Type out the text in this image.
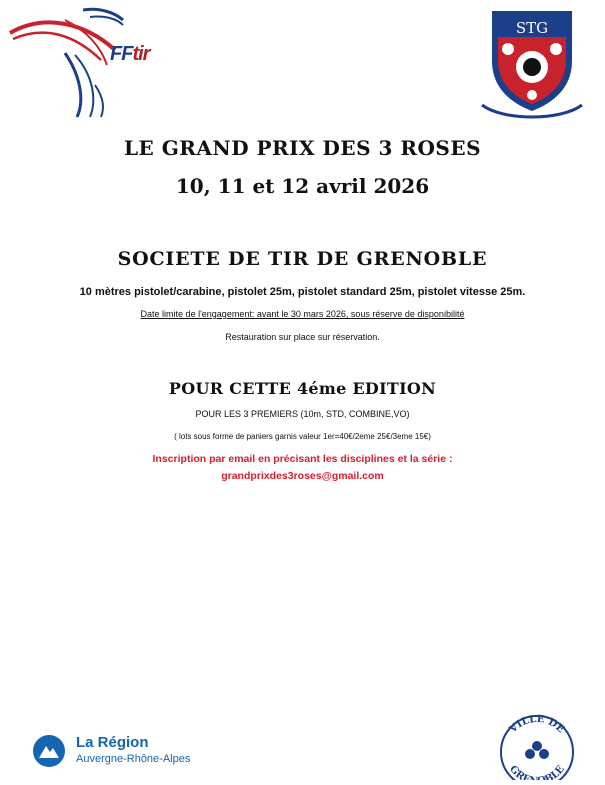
FFtir
STG
LE GRAND PRIX DES 3 ROSES
10, 11 et 12 avril 2026
SOCIETE DE TIR DE GRENOBLE
10 mètres pistolet/carabine, pistolet 25m, pistolet standard 25m, pistolet vitesse 25m.
Date limite de l'engagement: avant le 30 mars 2026, sous réserve de disponibilité
Restauration sur place sur réservation.
POUR CETTE 4éme EDITION
POUR LES 3 PREMIERS (10m, STD, COMBINE,VO)
( lots sous forme de paniers garnis valeur 1er=40€/2eme 25€/3eme 15€)
Inscription par email en précisant les disciplines et la série :
grandprixdes3roses@gmail.com
La Région
Auvergne-Rhône-Alpes
VILLE DE
GRE BLE
